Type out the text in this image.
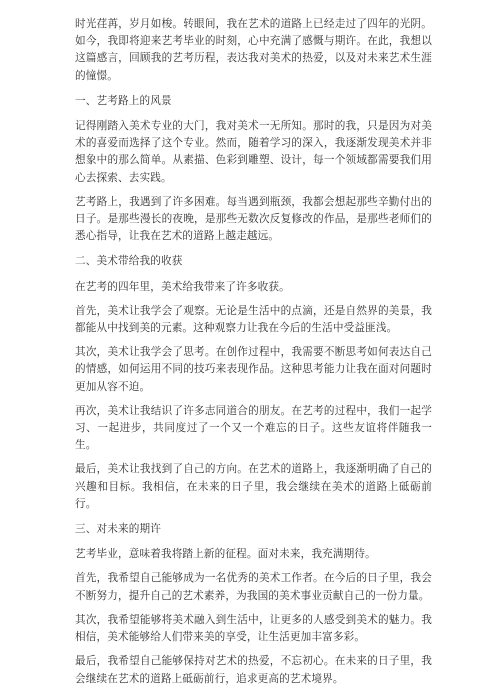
时光荏苒，岁月如梭。转眼间，我在艺术的道路上已经走过了四年的光阴。如今，我即将迎来艺考毕业的时刻，心中充满了感慨与期许。在此，我想以这篇感言，回顾我的艺考历程，表达我对美术的热爱，以及对未来艺术生涯的憧憬。

一、艺考路上的风景

记得刚踏入美术专业的大门，我对美术一无所知。那时的我，只是因为对美术的喜爱而选择了这个专业。然而，随着学习的深入，我逐渐发现美术并非想象中的那么简单。从素描、色彩到雕塑、设计，每一个领域都需要我们用心去探索、去实践。

艺考路上，我遇到了许多困难。每当遇到瓶颈，我都会想起那些辛勤付出的日子。是那些漫长的夜晚，是那些无数次反复修改的作品，是那些老师们的悉心指导，让我在艺术的道路上越走越远。

二、美术带给我的收获

在艺考的四年里，美术给我带来了许多收获。

首先，美术让我学会了观察。无论是生活中的点滴，还是自然界的美景，我都能从中找到美的元素。这种观察力让我在今后的生活中受益匪浅。

其次，美术让我学会了思考。在创作过程中，我需要不断思考如何表达自己的情感，如何运用不同的技巧来表现作品。这种思考能力让我在面对问题时更加从容不迫。

再次，美术让我结识了许多志同道合的朋友。在艺考的过程中，我们一起学习、一起进步，共同度过了一个又一个难忘的日子。这些友谊将伴随我一生。

最后，美术让我找到了自己的方向。在艺术的道路上，我逐渐明确了自己的兴趣和目标。我相信，在未来的日子里，我会继续在美术的道路上砥砺前行。

三、对未来的期许

艺考毕业，意味着我将踏上新的征程。面对未来，我充满期待。

首先，我希望自己能够成为一名优秀的美术工作者。在今后的日子里，我会不断努力，提升自己的艺术素养，为我国的美术事业贡献自己的一份力量。

其次，我希望能够将美术融入到生活中，让更多的人感受到美术的魅力。我相信，美术能够给人们带来美的享受，让生活更加丰富多彩。

最后，我希望自己能够保持对艺术的热爱，不忘初心。在未来的日子里，我会继续在艺术的道路上砥砺前行，追求更高的艺术境界。
